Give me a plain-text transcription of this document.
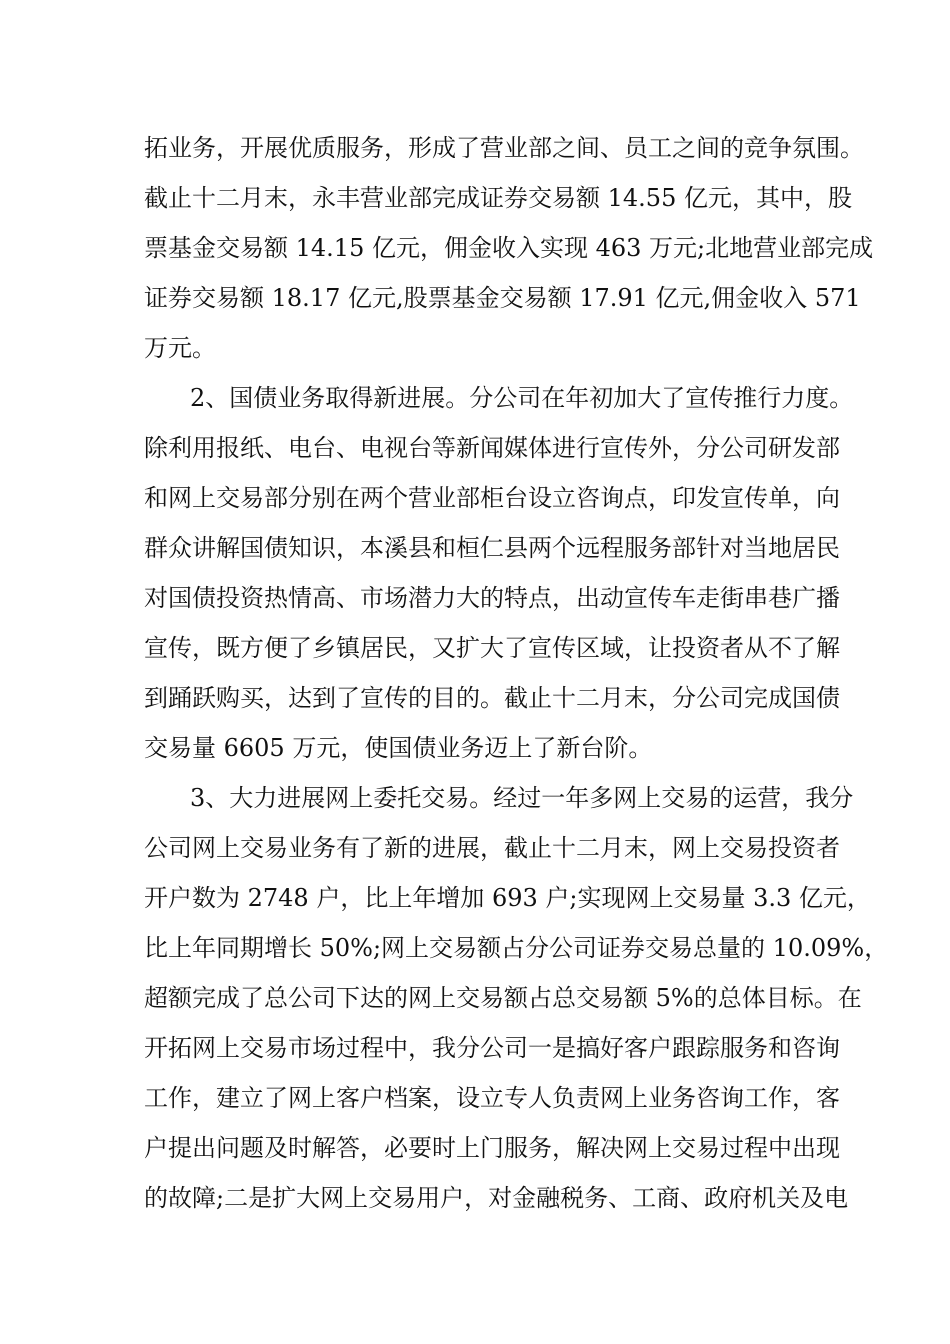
拓业务，开展优质服务，形成了营业部之间、员工之间的竞争氛围。
截止十二月末，永丰营业部完成证券交易额 14.55 亿元，其中，股
票基金交易额 14.15 亿元，佣金收入实现 463 万元;北地营业部完成
证券交易额 18.17 亿元,股票基金交易额 17.91 亿元,佣金收入 571
万元。
2、国债业务取得新进展。分公司在年初加大了宣传推行力度。
除利用报纸、电台、电视台等新闻媒体进行宣传外，分公司研发部
和网上交易部分别在两个营业部柜台设立咨询点，印发宣传单，向
群众讲解国债知识，本溪县和桓仁县两个远程服务部针对当地居民
对国债投资热情高、市场潜力大的特点，出动宣传车走街串巷广播
宣传，既方便了乡镇居民，又扩大了宣传区域，让投资者从不了解
到踊跃购买，达到了宣传的目的。截止十二月末，分公司完成国债
交易量 6605 万元，使国债业务迈上了新台阶。
3、大力进展网上委托交易。经过一年多网上交易的运营，我分
公司网上交易业务有了新的进展，截止十二月末，网上交易投资者
开户数为 2748 户，比上年增加 693 户;实现网上交易量 3.3 亿元，
比上年同期增长 50%;网上交易额占分公司证券交易总量的 10.09%，
超额完成了总公司下达的网上交易额占总交易额 5%的总体目标。在
开拓网上交易市场过程中，我分公司一是搞好客户跟踪服务和咨询
工作，建立了网上客户档案，设立专人负责网上业务咨询工作，客
户提出问题及时解答，必要时上门服务，解决网上交易过程中出现
的故障;二是扩大网上交易用户，对金融税务、工商、政府机关及电
